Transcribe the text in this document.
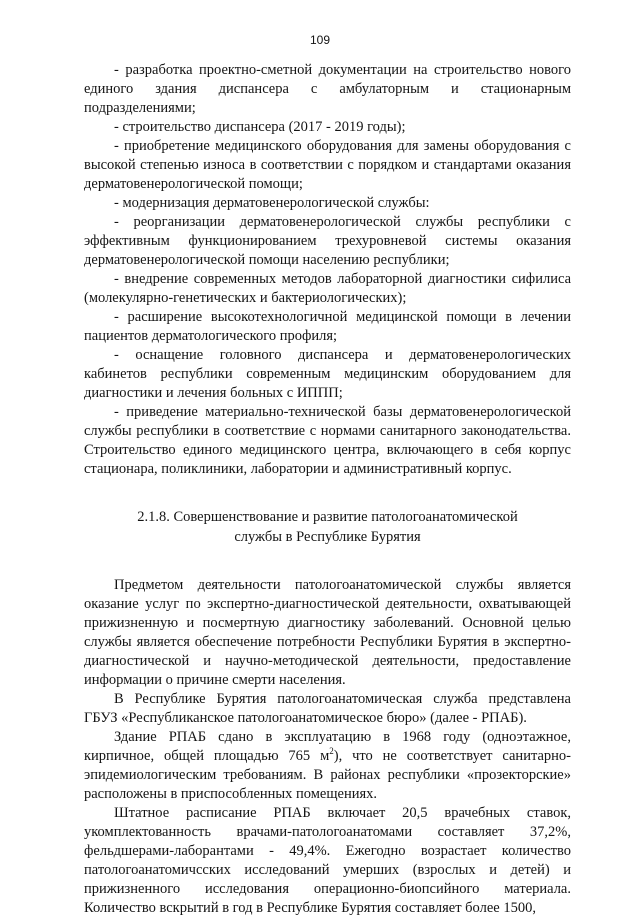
109

- разработка проектно-сметной документации на строительство нового единого здания диспансера с амбулаторным и стационарным подразделениями;

- строительство диспансера (2017 - 2019 годы);

- приобретение медицинского оборудования для замены оборудования с высокой степенью износа в соответствии с порядком и стандартами оказания дерматовенерологической помощи;

- модернизация дерматовенерологической службы:

- реорганизации дерматовенерологической службы республики с эффективным функционированием трехуровневой системы оказания дерматовенерологической помощи населению республики;

- внедрение современных методов лабораторной диагностики сифилиса (молекулярно-генетических и бактериологических);

- расширение высокотехнологичной медицинской помощи в лечении пациентов дерматологического профиля;

- оснащение головного диспансера и дерматовенерологических кабинетов республики современным медицинским оборудованием для диагностики и лечения больных с ИППП;

- приведение материально-технической базы дерматовенерологической службы республики в соответствие с нормами санитарного законодательства. Строительство единого медицинского центра, включающего в себя корпус стационара, поликлиники, лаборатории и административный корпус.

2.1.8. Совершенствование и развитие патологоанатомической
службы в Республике Бурятия

Предметом деятельности патологоанатомической службы является оказание услуг по экспертно-диагностической деятельности, охватывающей прижизненную и посмертную диагностику заболеваний. Основной целью службы является обеспечение потребности Республики Бурятия в экспертно-диагностической и научно-методической деятельности, предоставление информации о причине смерти населения.

В Республике Бурятия патологоанатомическая служба представлена ГБУЗ «Республиканское патологоанатомическое бюро» (далее - РПАБ).

Здание РПАБ сдано в эксплуатацию в 1968 году (одноэтажное, кирпичное, общей площадью 765 $м^2$), что не соответствует санитарно-эпидемиологическим требованиям. В районах республики «прозекторские» расположены в приспособленных помещениях.

Штатное расписание РПАБ включает 20,5 врачебных ставок, укомплектованность врачами-патологоанатомами составляет 37,2%, фельдшерами-лаборантами - 49,4%. Ежегодно возрастает количество патологоанатомичсских исследований умерших (взрослых и детей) и прижизненного исследования операционно-биопсийного материала. Количество вскрытий в год в Республике Бурятия составляет более 1500,
